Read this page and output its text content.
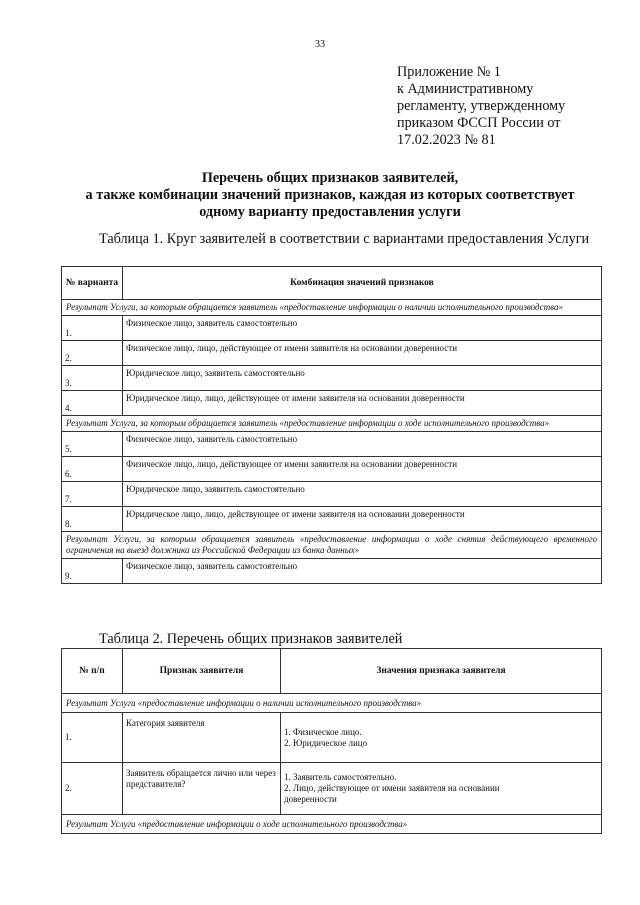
33
Приложение № 1
к Административному
регламенту, утвержденному
приказом ФССП России от
17.02.2023 № 81
Перечень общих признаков заявителей,
а также комбинации значений признаков, каждая из которых соответствует
одному варианту предоставления услуги
Таблица 1. Круг заявителей в соответствии с вариантами предоставления Услуги
№ варианта	Комбинация значений признаков
Результат Услуги, за которым обращается заявитель «предоставление информации о наличии исполнительного производства»	
1.	Физическое лицо, заявитель самостоятельно
2.	Физическое лицо, лицо, действующее от имени заявителя на основании доверенности
3.	Юридическое лицо, заявитель самостоятельно
4.	Юридическое лицо, лицо, действующее от имени заявителя на основании доверенности
Результат Услуги, за которым обращается заявитель «предоставление информации о ходе исполнительного производства»	
5.	Физическое лицо, заявитель самостоятельно
6.	Физическое лицо, лицо, действующее от имени заявителя на основании доверенности
7.	Юридическое лицо, заявитель самостоятельно
8.	Юридическое лицо, лицо, действующее от имени заявителя на основании доверенности
Результат Услуги, за которым обращается заявитель «предоставление информации о ходе снятия действующего временного ограничения на выезд должника из Российской Федерации из банка данных»	
9.	Физическое лицо, заявитель самостоятельно
Таблица 2. Перечень общих признаков заявителей
№ п/п	Признак заявителя	Значения признака заявителя
Результат Услуги «предоставление информации о наличии исполнительного производства»		
1.	Категория заявителя	1. Физическое лицо.
2. Юридическое лицо

2.	Заявитель обращается лично или через представителя?	1. Заявитель самостоятельно.
2. Лицо, действующее от имени заявителя на основании
доверенности

Результат Услуги «предоставление информации о ходе исполнительного производства»		
